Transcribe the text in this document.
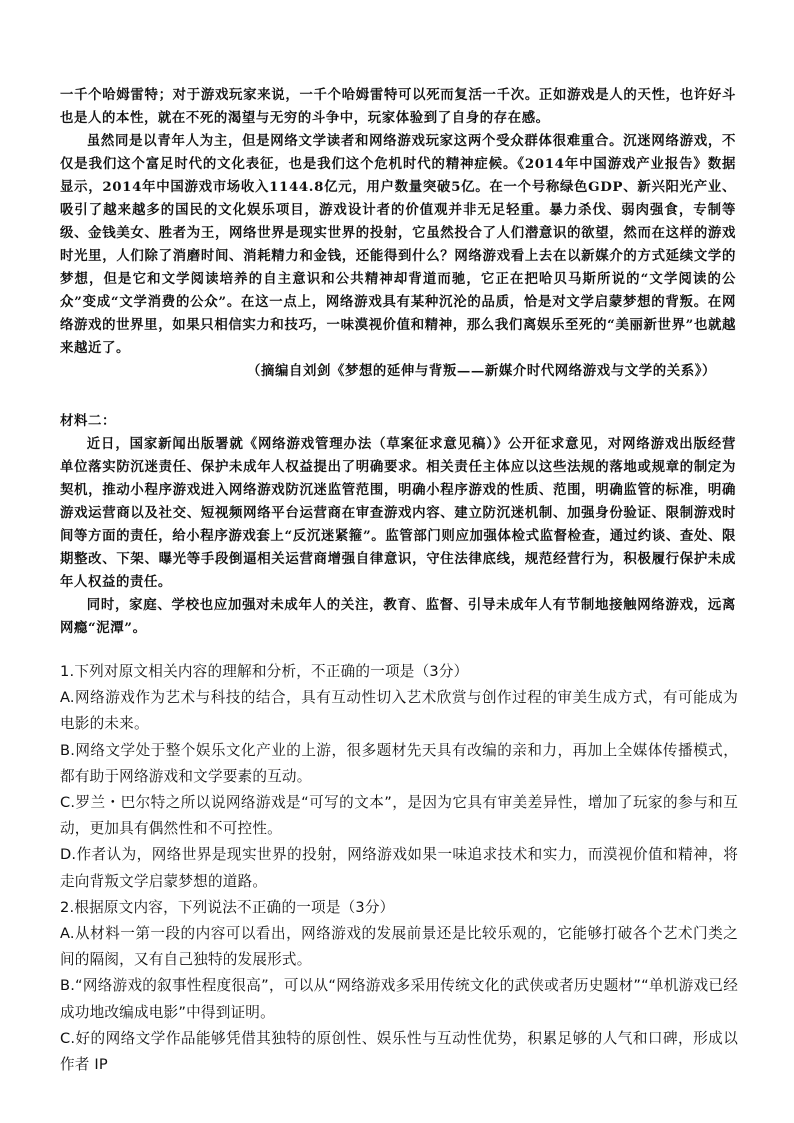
一千个哈姆雷特；对于游戏玩家来说，一千个哈姆雷特可以死而复活一千次。正如游戏是人的天性，也许好斗也是人的本性，就在不死的渴望与无穷的斗争中，玩家体验到了自身的存在感。

虽然同是以青年人为主，但是网络文学读者和网络游戏玩家这两个受众群体很难重合。沉迷网络游戏，不仅是我们这个富足时代的文化表征，也是我们这个危机时代的精神症候。《2014年中国游戏产业报告》数据显示，2014年中国游戏市场收入1144.8亿元，用户数量突破5亿。在一个号称绿色GDP、新兴阳光产业、吸引了越来越多的国民的文化娱乐项目，游戏设计者的价值观并非无足轻重。暴力杀伐、弱肉强食，专制等级、金钱美女、胜者为王，网络世界是现实世界的投射，它虽然投合了人们潜意识的欲望，然而在这样的游戏时光里，人们除了消磨时间、消耗精力和金钱，还能得到什么？网络游戏看上去在以新媒介的方式延续文学的梦想，但是它和文学阅读培养的自主意识和公共精神却背道而驰，它正在把哈贝马斯所说的“文学阅读的公众”变成“文学消费的公众”。在这一点上，网络游戏具有某种沉沦的品质，恰是对文学启蒙梦想的背叛。在网络游戏的世界里，如果只相信实力和技巧，一味漠视价值和精神，那么我们离娱乐至死的“美丽新世界”也就越来越近了。

（摘编自刘剑《梦想的延伸与背叛——新媒介时代网络游戏与文学的关系》）

材料二：

近日，国家新闻出版署就《网络游戏管理办法（草案征求意见稿）》公开征求意见，对网络游戏出版经营单位落实防沉迷责任、保护未成年人权益提出了明确要求。相关责任主体应以这些法规的落地或规章的制定为契机，推动小程序游戏进入网络游戏防沉迷监管范围，明确小程序游戏的性质、范围，明确监管的标准，明确游戏运营商以及社交、短视频网络平台运营商在审查游戏内容、建立防沉迷机制、加强身份验证、限制游戏时间等方面的责任，给小程序游戏套上“反沉迷紧箍”。监管部门则应加强体检式监督检查，通过约谈、查处、限期整改、下架、曝光等手段倒逼相关运营商增强自律意识，守住法律底线，规范经营行为，积极履行保护未成年人权益的责任。

同时，家庭、学校也应加强对未成年人的关注，教育、监督、引导未成年人有节制地接触网络游戏，远离网瘾“泥潭”。

1.下列对原文相关内容的理解和分析，不正确的一项是（3分）

A.网络游戏作为艺术与科技的结合，具有互动性切入艺术欣赏与创作过程的审美生成方式，有可能成为电影的未来。

B.网络文学处于整个娱乐文化产业的上游，很多题材先天具有改编的亲和力，再加上全媒体传播模式，都有助于网络游戏和文学要素的互动。

C.罗兰・巴尔特之所以说网络游戏是“可写的文本”，是因为它具有审美差异性，增加了玩家的参与和互动，更加具有偶然性和不可控性。

D.作者认为，网络世界是现实世界的投射，网络游戏如果一味追求技术和实力，而漠视价值和精神，将走向背叛文学启蒙梦想的道路。

2.根据原文内容，下列说法不正确的一项是（3分）

A.从材料一第一段的内容可以看出，网络游戏的发展前景还是比较乐观的，它能够打破各个艺术门类之间的隔阂，又有自己独特的发展形式。

B.“网络游戏的叙事性程度很高”，可以从“网络游戏多采用传统文化的武侠或者历史题材”“单机游戏已经成功地改编成电影”中得到证明。

C.好的网络文学作品能够凭借其独特的原创性、娱乐性与互动性优势，积累足够的人气和口碑，形成以作者 IP
